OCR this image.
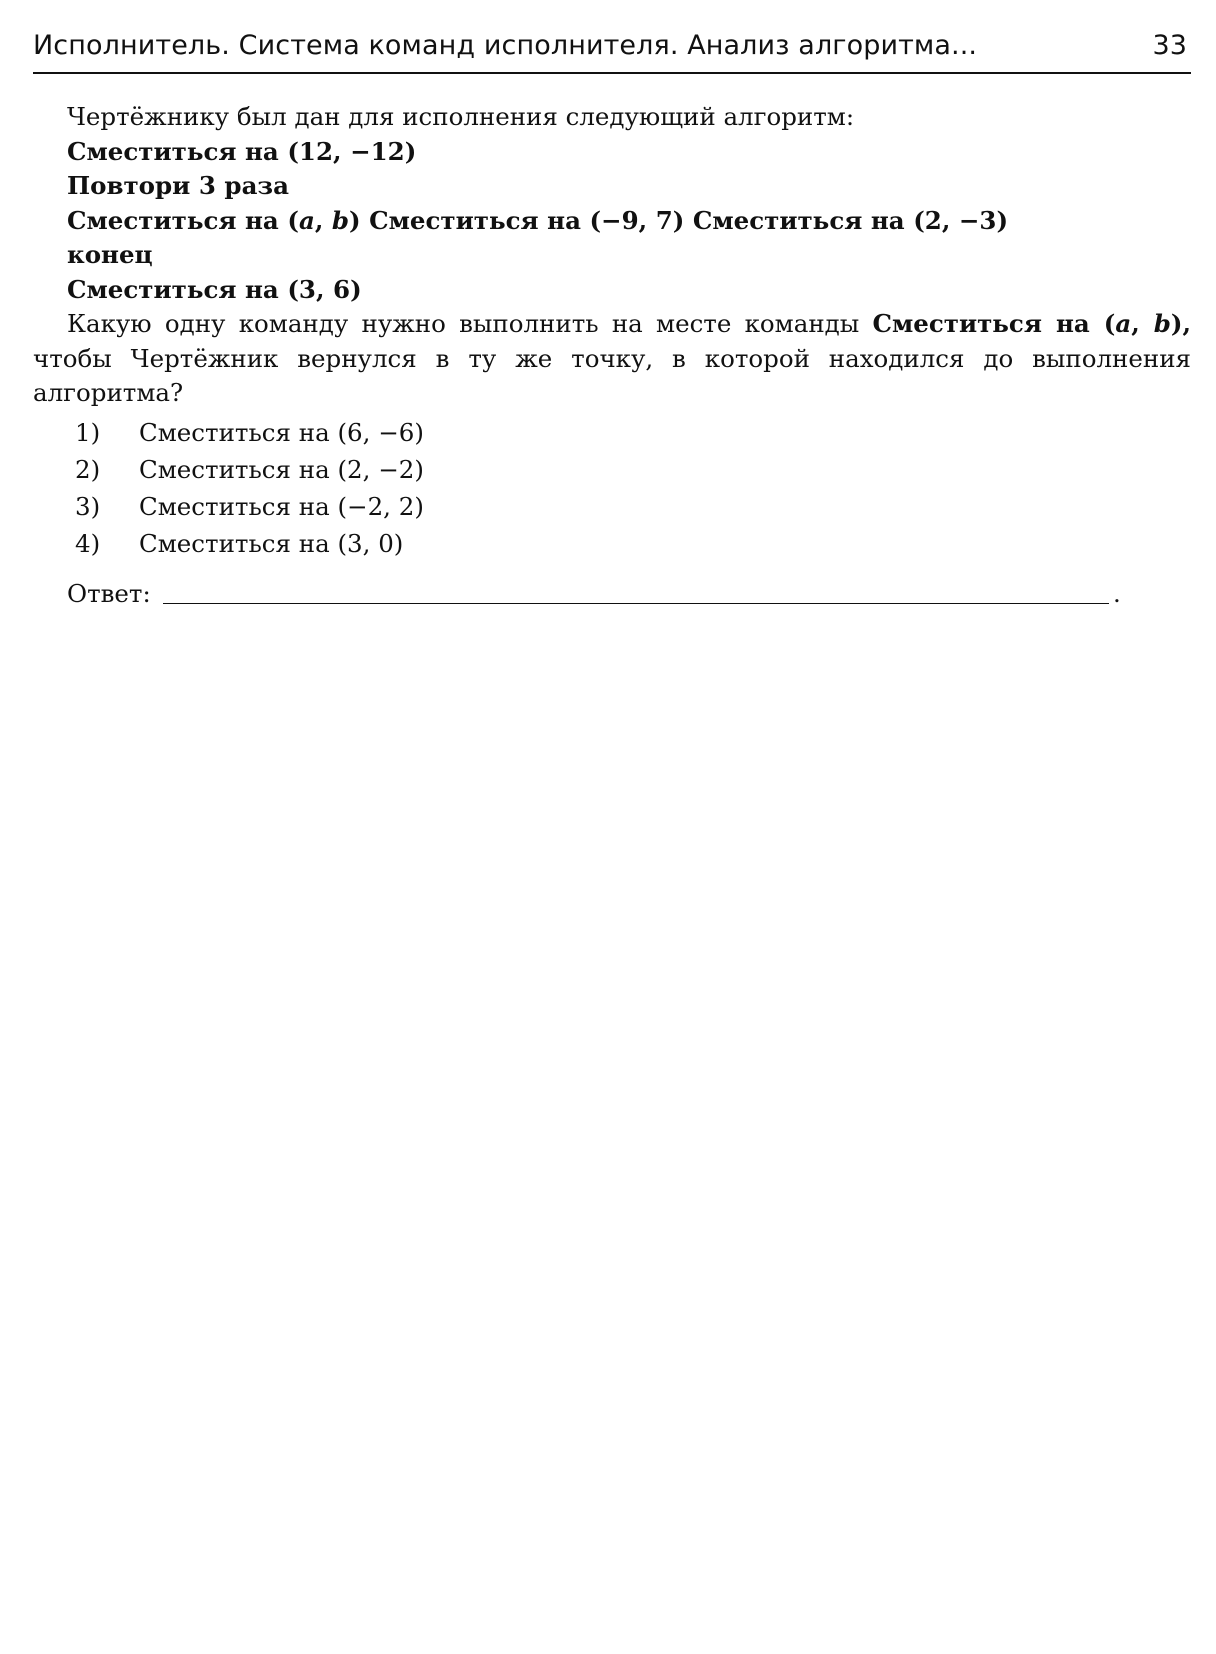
Исполнитель. Система команд исполнителя. Анализ алгоритма...	33

Чертёжнику был дан для исполнения следующий алгоритм:

Сместиться на (12, −12)

Повтори 3 раза

Сместиться на (a, b) Сместиться на (−9, 7) Сместиться на (2, −3)

конец

Сместиться на (3, 6)

Какую одну команду нужно выполнить на месте команды Сместиться на (a, b), чтобы Чертёжник вернулся в ту же точку, в которой находился до выполнения алгоритма?

1) Сместиться на (6, −6)
2) Сместиться на (2, −2)
3) Сместиться на (−2, 2)
4) Сместиться на (3, 0)
Ответ:	.
